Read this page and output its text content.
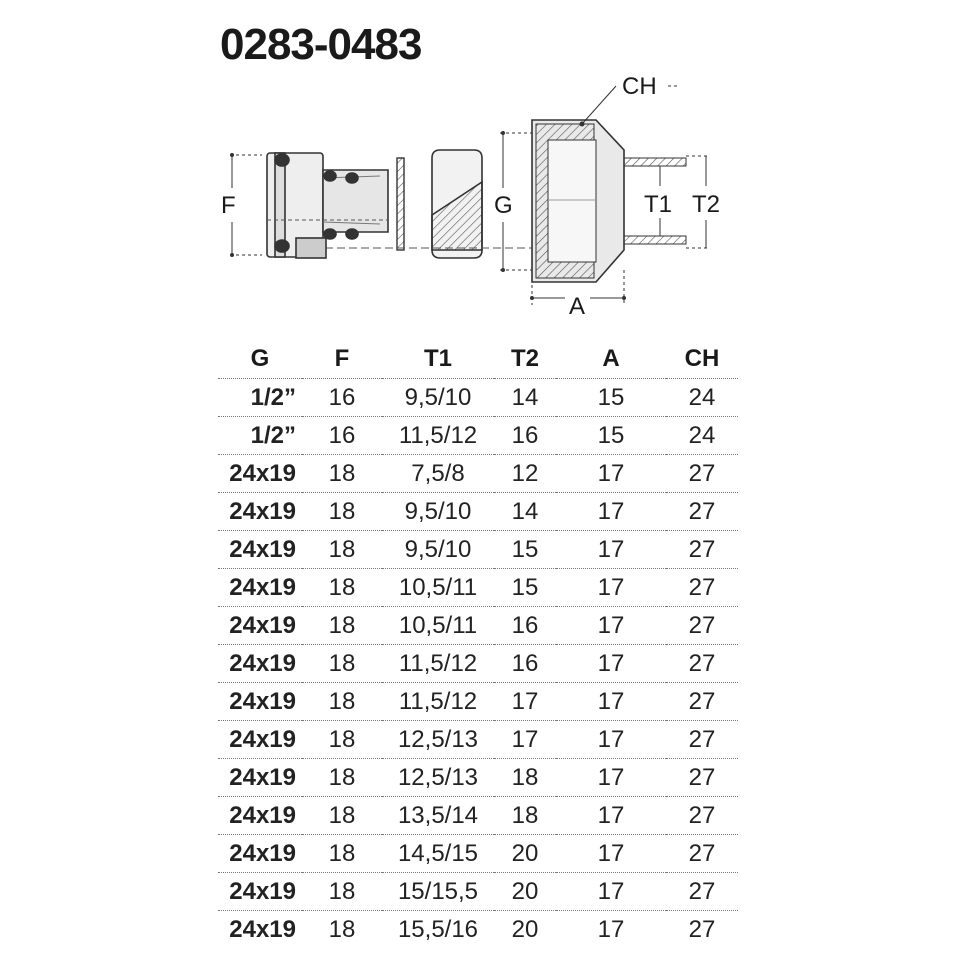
0283-0483
F	G	T1 T2
CH
A
G	F	T1	T2	A	CH
1/2”	16	9,5/10	14	15	24
1/2”	16	11,5/12	16	15	24
24x19	18	7,5/8	12	17	27
24x19	18	9,5/10	14	17	27
24x19	18	9,5/10	15	17	27
24x19	18	10,5/11	15	17	27
24x19	18	10,5/11	16	17	27
24x19	18	11,5/12	16	17	27
24x19	18	11,5/12	17	17	27
24x19	18	12,5/13	17	17	27
24x19	18	12,5/13	18	17	27
24x19	18	13,5/14	18	17	27
24x19	18	14,5/15	20	17	27
24x19	18	15/15,5	20	17	27
24x19	18	15,5/16	20	17	27
